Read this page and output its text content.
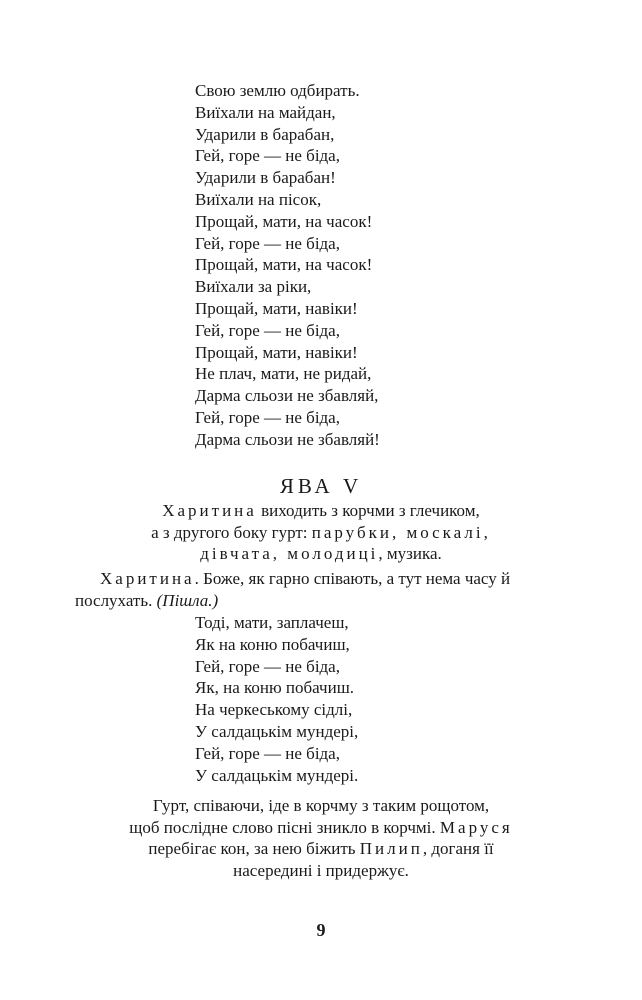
Свою землю одбирать.
Виїхали на майдан,
Ударили в барабан,
Гей, горе — не біда,
Ударили в барабан!
Виїхали на пісок,
Прощай, мати, на часок!
Гей, горе — не біда,
Прощай, мати, на часок!
Виїхали за ріки,
Прощай, мати, навіки!
Гей, горе — не біда,
Прощай, мати, навіки!
Не плач, мати, не ридай,
Дарма сльози не збавляй,
Гей, горе — не біда,
Дарма сльози не збавляй!
ЯВА V
Харитина виходить з корчми з глечиком,
а з другого боку гурт: парубки, москалі,
дівчата, молодиці, музика.

Харитина. Боже, як гарно співають, а тут нема часу й послухать. (Пішла.)

Тоді, мати, заплачеш,
Як на коню побачиш,
Гей, горе — не біда,
Як, на коню побачиш.
На черкеському сідлі,
У салдацькім мундері,
Гей, горе — не біда,
У салдацькім мундері.
Гурт, співаючи, іде в корчму з таким рощотом,
щоб послідне слово пісні зникло в корчмі. Маруся
перебігає кон, за нею біжить Пилип, доганя її
насередині і придержує.
9
